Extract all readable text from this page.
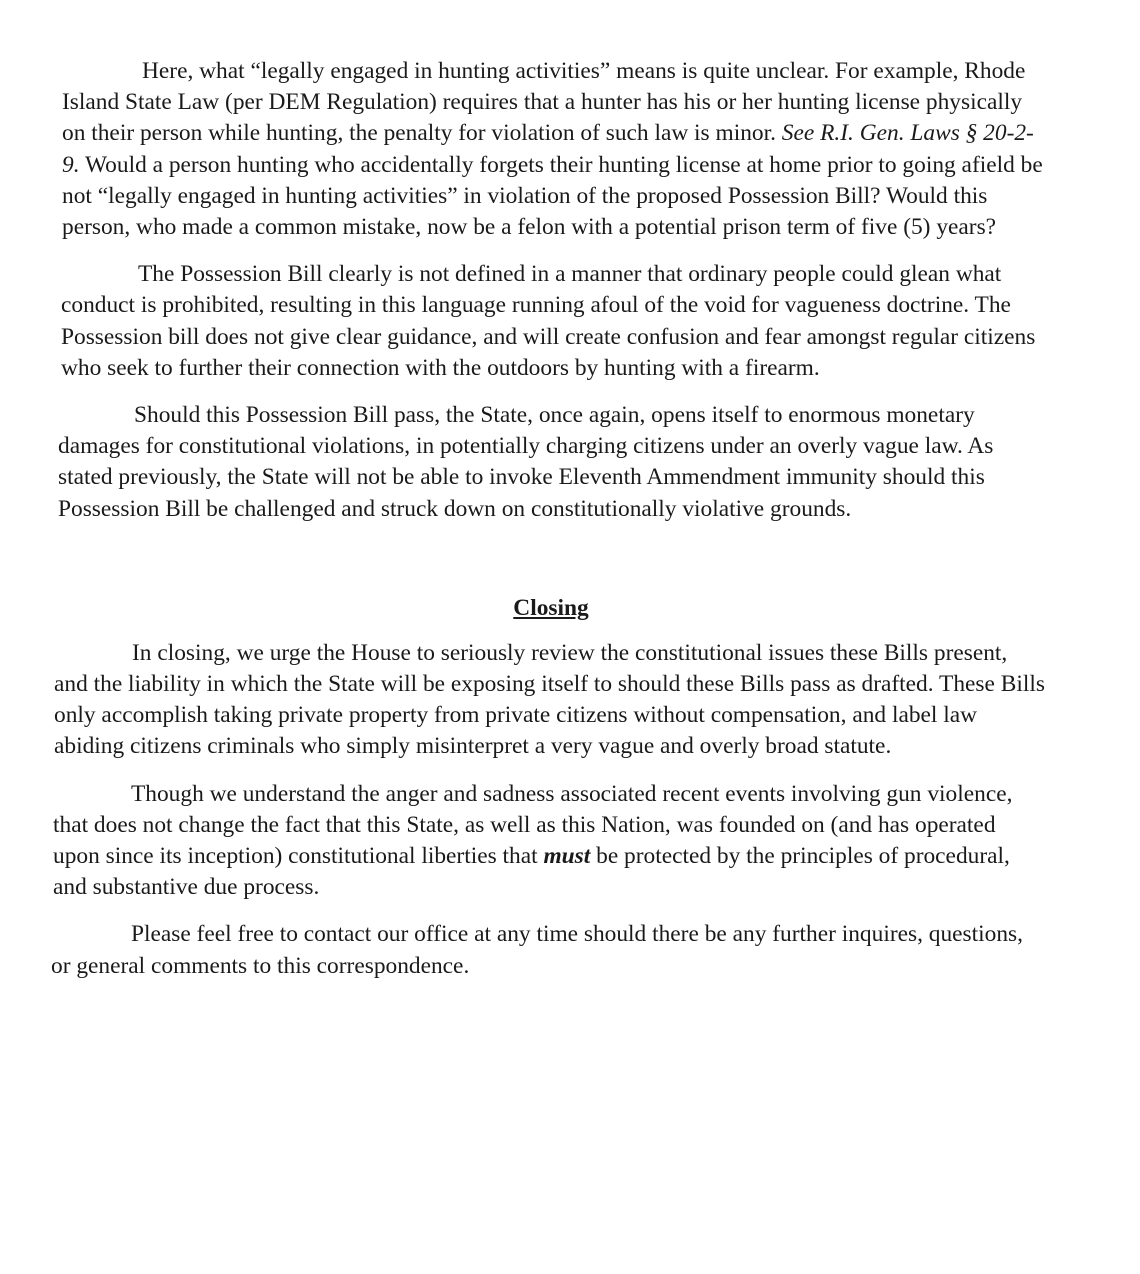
Here, what “legally engaged in hunting activities” means is quite unclear. For example, Rhode Island State Law (per DEM Regulation) requires that a hunter has his or her hunting license physically on their person while hunting, the penalty for violation of such law is minor. See R.I. Gen. Laws § 20-2-9. Would a person hunting who accidentally forgets their hunting license at home prior to going afield be not “legally engaged in hunting activities” in violation of the proposed Possession Bill? Would this person, who made a common mistake, now be a felon with a potential prison term of five (5) years?

The Possession Bill clearly is not defined in a manner that ordinary people could glean what conduct is prohibited, resulting in this language running afoul of the void for vagueness doctrine. The Possession bill does not give clear guidance, and will create confusion and fear amongst regular citizens who seek to further their connection with the outdoors by hunting with a firearm.

Should this Possession Bill pass, the State, once again, opens itself to enormous monetary damages for constitutional violations, in potentially charging citizens under an overly vague law. As stated previously, the State will not be able to invoke Eleventh Ammendment immunity should this Possession Bill be challenged and struck down on constitutionally violative grounds.

Closing

In closing, we urge the House to seriously review the constitutional issues these Bills present, and the liability in which the State will be exposing itself to should these Bills pass as drafted. These Bills only accomplish taking private property from private citizens without compensation, and label law abiding citizens criminals who simply misinterpret a very vague and overly broad statute.

Though we understand the anger and sadness associated recent events involving gun violence, that does not change the fact that this State, as well as this Nation, was founded on (and has operated upon since its inception) constitutional liberties that must be protected by the principles of procedural, and substantive due process.

Please feel free to contact our office at any time should there be any further inquires, questions, or general comments to this correspondence.
